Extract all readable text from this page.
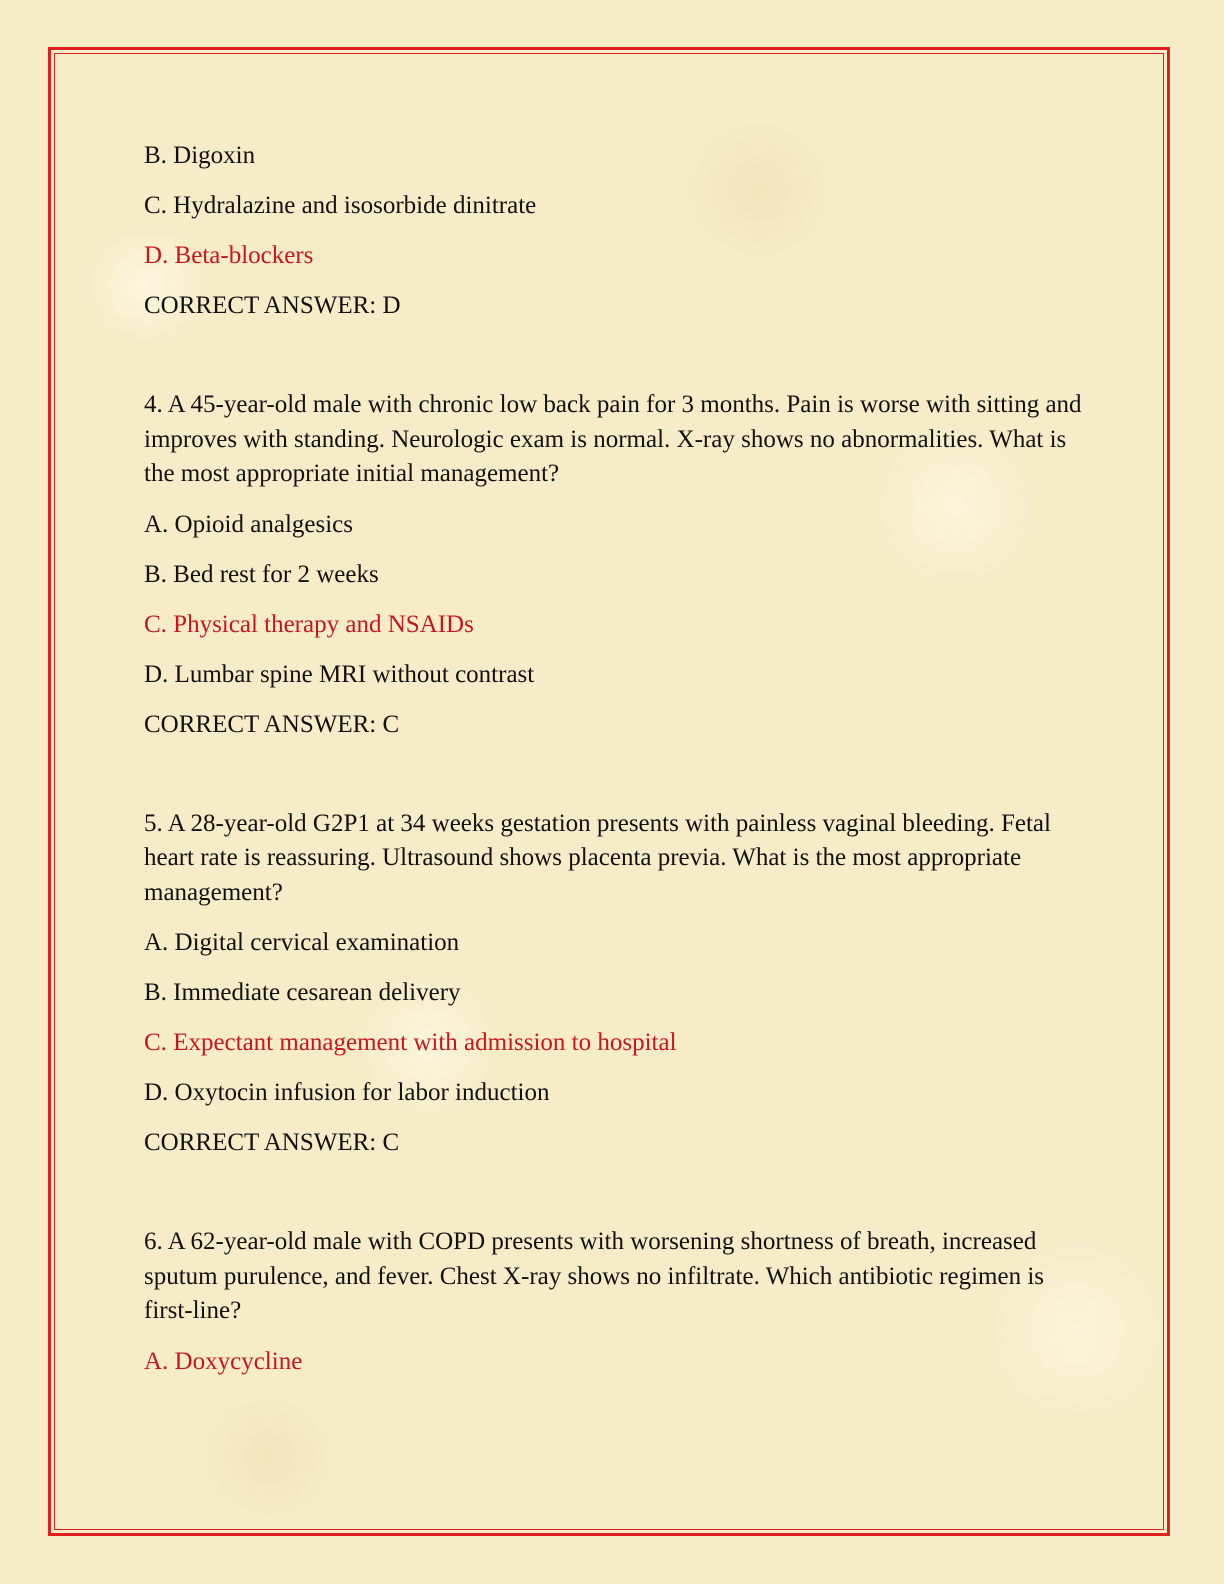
B. Digoxin

C. Hydralazine and isosorbide dinitrate

D. Beta-blockers

CORRECT ANSWER: D

4. A 45-year-old male with chronic low back pain for 3 months. Pain is worse with sitting and improves with standing. Neurologic exam is normal. X-ray shows no abnormalities. What is the most appropriate initial management?

A. Opioid analgesics

B. Bed rest for 2 weeks

C. Physical therapy and NSAIDs

D. Lumbar spine MRI without contrast

CORRECT ANSWER: C

5. A 28-year-old G2P1 at 34 weeks gestation presents with painless vaginal bleeding. Fetal heart rate is reassuring. Ultrasound shows placenta previa. What is the most appropriate management?

A. Digital cervical examination

B. Immediate cesarean delivery

C. Expectant management with admission to hospital

D. Oxytocin infusion for labor induction

CORRECT ANSWER: C

6. A 62-year-old male with COPD presents with worsening shortness of breath, increased sputum purulence, and fever. Chest X-ray shows no infiltrate. Which antibiotic regimen is first-line?

A. Doxycycline
